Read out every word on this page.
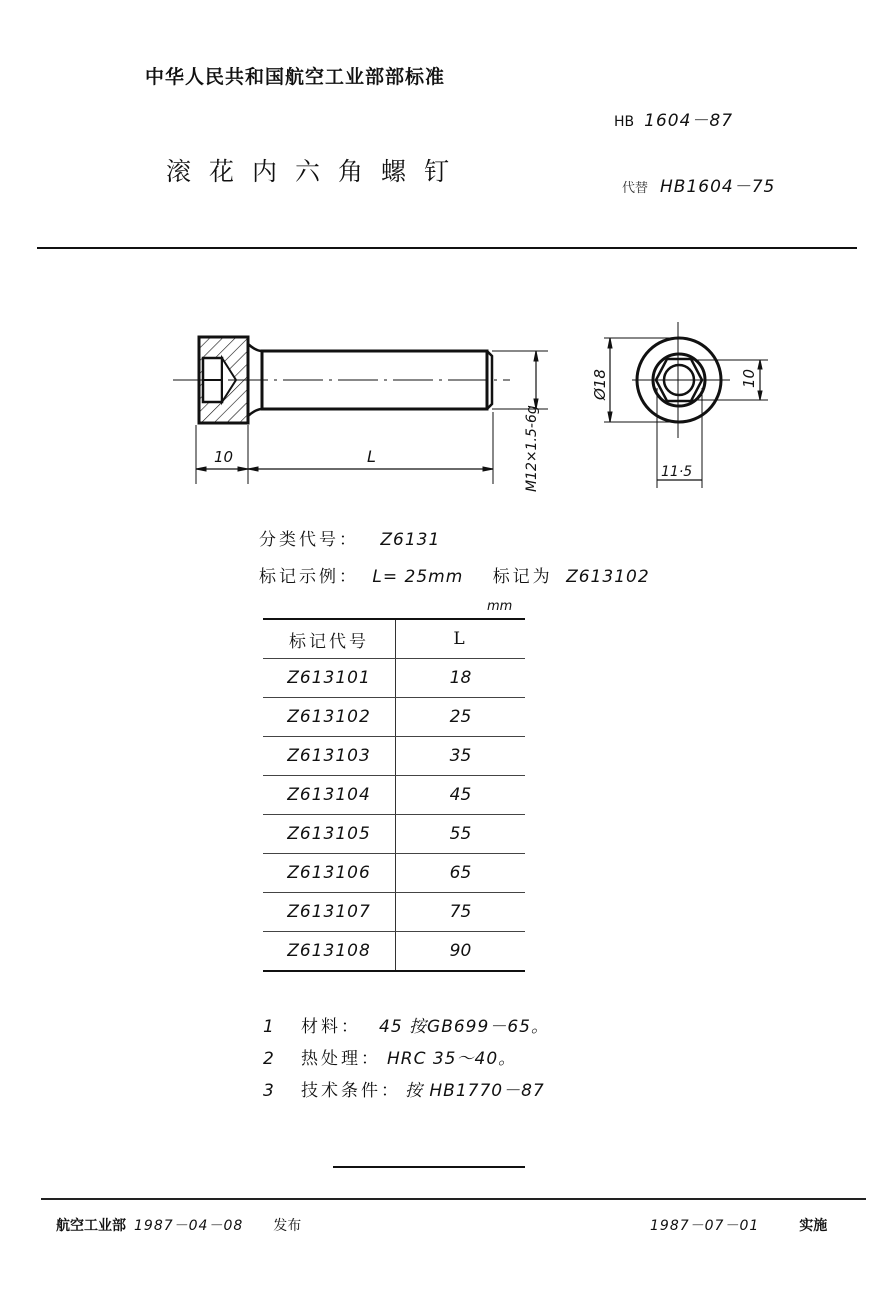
中华人民共和国航空工业部部标准
HB 1604－87
滚花内六角螺钉
代替 HB1604－75
10	L	M12×1.5-6g
Ø18	10
11·5
分类代号： Z6131
标记示例： L= 25mm 标记为 Z613102
mm
标记代号	L
Z613101	18
Z613102	25
Z613103	35
Z613104	45
Z613105	55
Z613106	65
Z613107	75
Z613108	90
1 材料： 45 按GB699－65。
2 热处理： HRC 35～40。
3 技术条件： 按 HB1770－87
航空工业部 1987－04－08 发布	1987－07－01	实施
